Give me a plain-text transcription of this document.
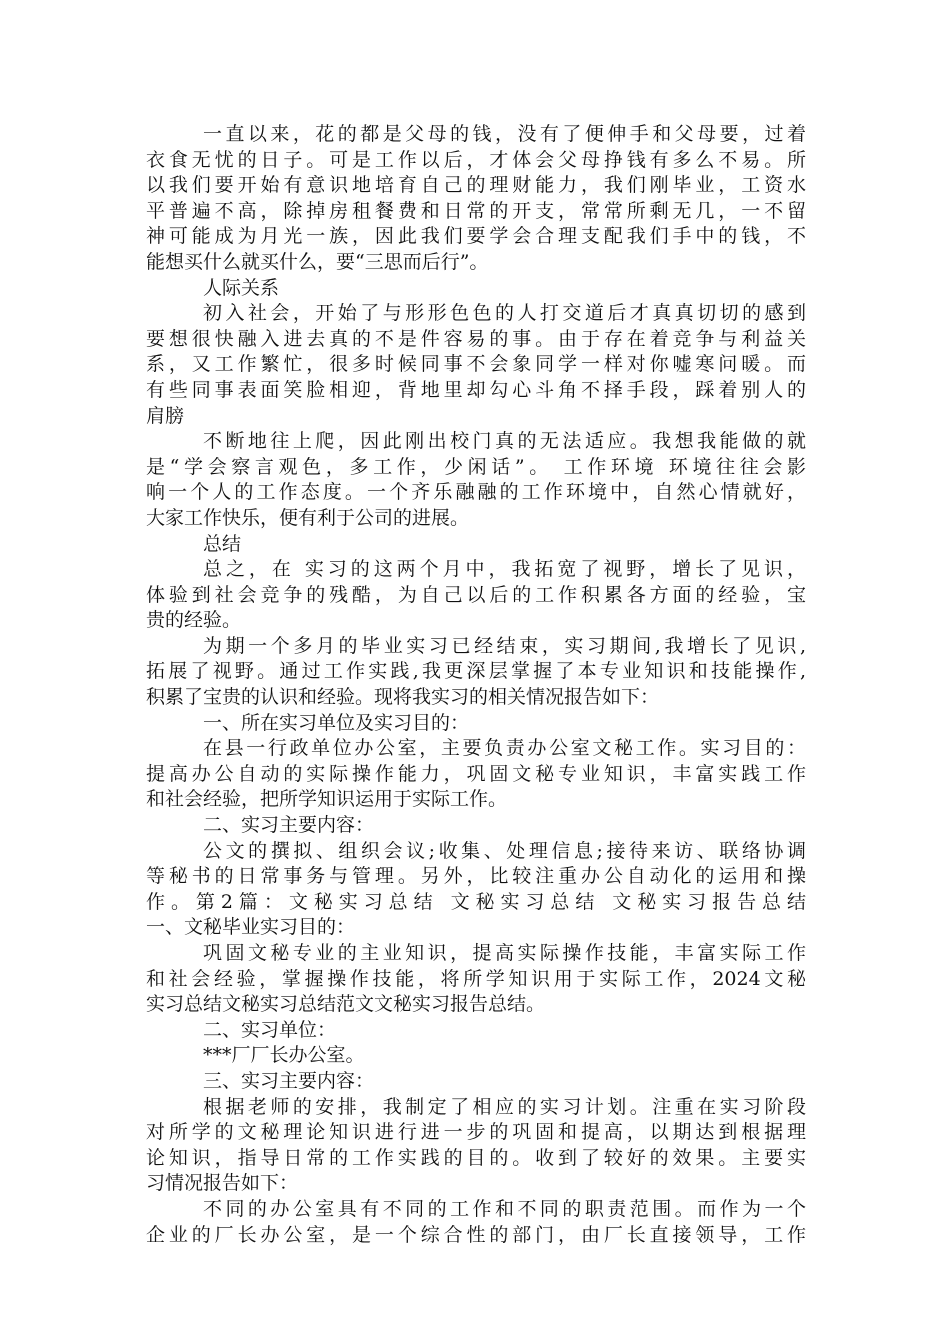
一直以来，花的都是父母的钱，没有了便伸手和父母要，过着
衣食无忧的日子。可是工作以后，才体会父母挣钱有多么不易。所
以我们要开始有意识地培育自己的理财能力，我们刚毕业，工资水
平普遍不高，除掉房租餐费和日常的开支，常常所剩无几，一不留
神可能成为月光一族，因此我们要学会合理支配我们手中的钱，不
能想买什么就买什么，要“三思而后行”。
人际关系
初入社会，开始了与形形色色的人打交道后才真真切切的感到
要想很快融入进去真的不是件容易的事。由于存在着竞争与利益关
系，又工作繁忙，很多时候同事不会象同学一样对你嘘寒问暖。而
有些同事表面笑脸相迎，背地里却勾心斗角不择手段，踩着别人的
肩膀
不断地往上爬，因此刚出校门真的无法适应。我想我能做的就
是“学会察言观色，多工作，少闲话”。 工作环境 环境往往会影
响一个人的工作态度。一个齐乐融融的工作环境中，自然心情就好，
大家工作快乐，便有利于公司的进展。
总结
总之，在 实习的这两个月中，我拓宽了视野，增长了见识，
体验到社会竞争的残酷，为自己以后的工作积累各方面的经验，宝
贵的经验。
为期一个多月的毕业实习已经结束，实习期间,我增长了见识,
拓展了视野。通过工作实践,我更深层掌握了本专业知识和技能操作,
积累了宝贵的认识和经验。现将我实习的相关情况报告如下：
一、所在实习单位及实习目的：
在县一行政单位办公室，主要负责办公室文秘工作。实习目的：
提高办公自动的实际操作能力，巩固文秘专业知识，丰富实践工作
和社会经验，把所学知识运用于实际工作。
二、实习主要内容：
公文的撰拟、组织会议;收集、处理信息;接待来访、联络协调
等秘书的日常事务与管理。另外，比较注重办公自动化的运用和操
作。第2篇：文秘实习总结 文秘实习总结 文秘实习报告总结
一、文秘毕业实习目的：
巩固文秘专业的主业知识，提高实际操作技能，丰富实际工作
和社会经验，掌握操作技能，将所学知识用于实际工作，2024文秘
实习总结文秘实习总结范文文秘实习报告总结。
二、实习单位：
***厂厂长办公室。
三、实习主要内容：
根据老师的安排，我制定了相应的实习计划。注重在实习阶段
对所学的文秘理论知识进行进一步的巩固和提高，以期达到根据理
论知识，指导日常的工作实践的目的。收到了较好的效果。主要实
习情况报告如下：
不同的办公室具有不同的工作和不同的职责范围。而作为一个
企业的厂长办公室，是一个综合性的部门，由厂长直接领导，工作
